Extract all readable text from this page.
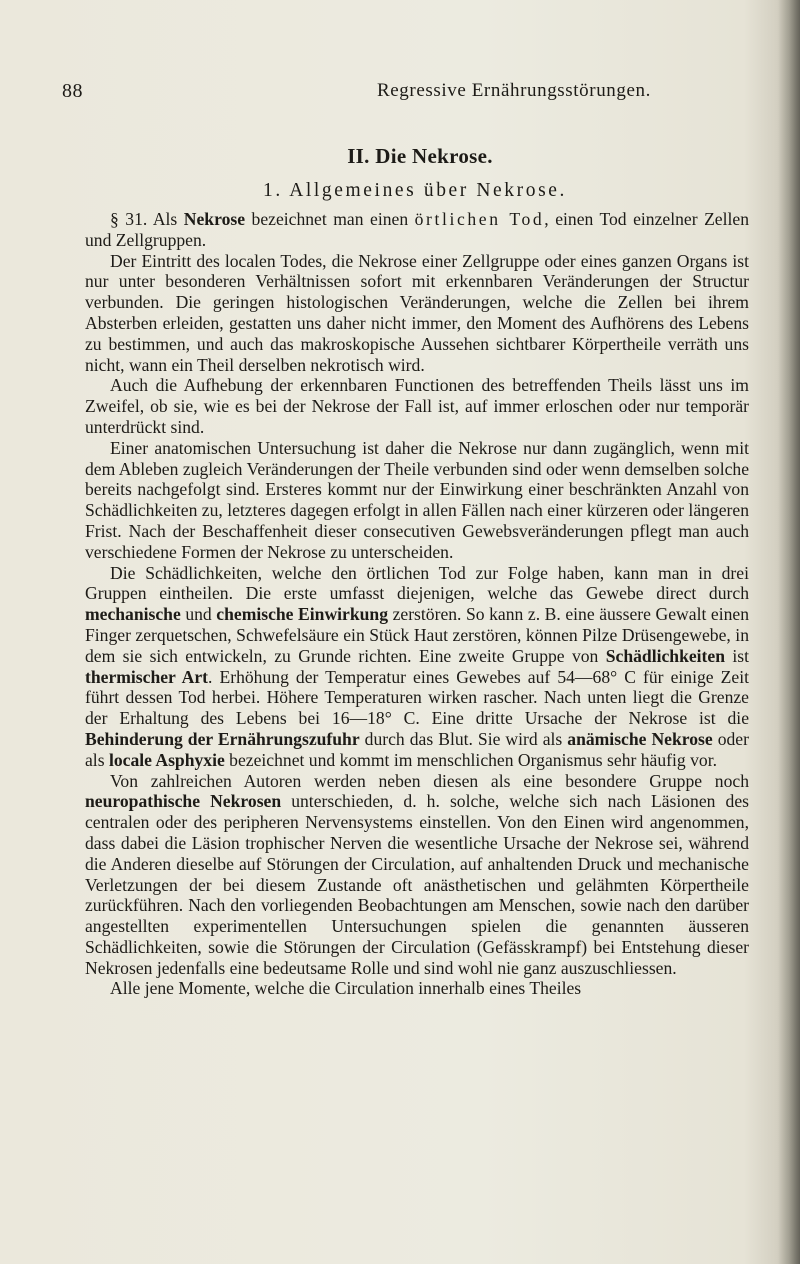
88	Regressive Ernährungsstörungen.
II. Die Nekrose.
1. Allgemeines über Nekrose.

§ 31. Als Nekrose bezeichnet man einen örtlichen Tod, einen Tod einzelner Zellen und Zellgruppen.

Der Eintritt des localen Todes, die Nekrose einer Zellgruppe oder eines ganzen Organs ist nur unter besonderen Verhältnissen sofort mit erkennbaren Veränderungen der Structur verbunden. Die geringen histologischen Veränderungen, welche die Zellen bei ihrem Absterben erleiden, gestatten uns daher nicht immer, den Moment des Aufhörens des Lebens zu bestimmen, und auch das makroskopische Aussehen sichtbarer Körpertheile verräth uns nicht, wann ein Theil derselben nekrotisch wird.

Auch die Aufhebung der erkennbaren Functionen des betreffenden Theils lässt uns im Zweifel, ob sie, wie es bei der Nekrose der Fall ist, auf immer erloschen oder nur temporär unterdrückt sind.

Einer anatomischen Untersuchung ist daher die Nekrose nur dann zugänglich, wenn mit dem Ableben zugleich Veränderungen der Theile verbunden sind oder wenn demselben solche bereits nachgefolgt sind. Ersteres kommt nur der Einwirkung einer beschränkten Anzahl von Schädlichkeiten zu, letzteres dagegen erfolgt in allen Fällen nach einer kürzeren oder längeren Frist. Nach der Beschaffenheit dieser consecutiven Gewebsveränderungen pflegt man auch verschiedene Formen der Nekrose zu unterscheiden.

Die Schädlichkeiten, welche den örtlichen Tod zur Folge haben, kann man in drei Gruppen eintheilen. Die erste umfasst diejenigen, welche das Gewebe direct durch mechanische und chemische Einwirkung zerstören. So kann z. B. eine äussere Gewalt einen Finger zerquetschen, Schwefelsäure ein Stück Haut zerstören, können Pilze Drüsengewebe, in dem sie sich entwickeln, zu Grunde richten. Eine zweite Gruppe von Schädlichkeiten ist thermischer Art. Erhöhung der Temperatur eines Gewebes auf 54—68° C für einige Zeit führt dessen Tod herbei. Höhere Temperaturen wirken rascher. Nach unten liegt die Grenze der Erhaltung des Lebens bei 16—18° C. Eine dritte Ursache der Nekrose ist die Behinderung der Ernährungszufuhr durch das Blut. Sie wird als anämische Nekrose oder als locale Asphyxie bezeichnet und kommt im menschlichen Organismus sehr häufig vor.

Von zahlreichen Autoren werden neben diesen als eine besondere Gruppe noch neuropathische Nekrosen unterschieden, d. h. solche, welche sich nach Läsionen des centralen oder des peripheren Nervensystems einstellen. Von den Einen wird angenommen, dass dabei die Läsion trophischer Nerven die wesentliche Ursache der Nekrose sei, während die Anderen dieselbe auf Störungen der Circulation, auf anhaltenden Druck und mechanische Verletzungen der bei diesem Zustande oft anästhetischen und gelähmten Körpertheile zurückführen. Nach den vorliegenden Beobachtungen am Menschen, sowie nach den darüber angestellten experimentellen Untersuchungen spielen die genannten äusseren Schädlichkeiten, sowie die Störungen der Circulation (Gefässkrampf) bei Entstehung dieser Nekrosen jedenfalls eine bedeutsame Rolle und sind wohl nie ganz auszuschliessen.

Alle jene Momente, welche die Circulation innerhalb eines Theiles
